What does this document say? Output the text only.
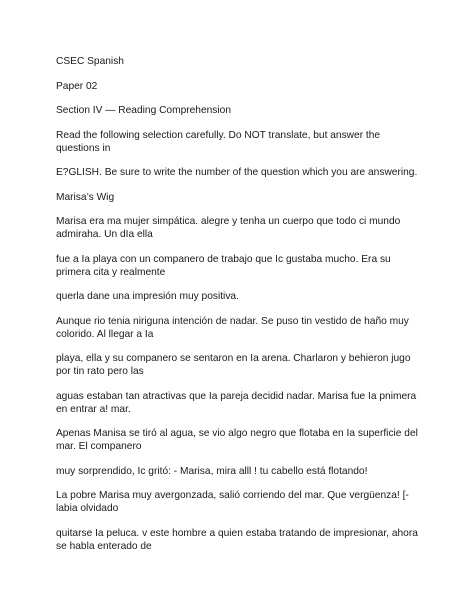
CSEC Spanish

Paper 02

Section IV — Reading Comprehension

Read the following selection carefully. Do NOT translate, but answer the questions in

E?GLISH. Be sure to write the number of the question which you are answering.

Marisa’s Wig

Marisa era ma mujer simpática. alegre y tenha un cuerpo que todo ci mundo admiraha. Un dIa ella

fue a Ia playa con un companero de trabajo que Ic gustaba mucho. Era su primera cita y realmente

querla dane una impresión muy positiva.

Aunque rio tenia niriguna intención de nadar. Se puso tin vestido de haño muy colorido. Al llegar a Ia

playa, ella y su companero se sentaron en Ia arena. Charlaron y behieron jugo por tin rato pero las

aguas estaban tan atractivas que Ia pareja decidid nadar. Marisa fue Ia pnimera en entrar a! mar.

Apenas Manisa se tiró al agua, se vio algo negro que flotaba en Ia superficie del mar. El companero

muy sorprendido, Ic gritó: - Marisa, mira alll ! tu cabello está flotando!

La pobre Marisa muy avergonzada, salió corriendo del mar. Que vergüenza! [-labia olvidado

quitarse Ia peluca. v este hombre a quien estaba tratando de impresionar, ahora se habla enterado de
